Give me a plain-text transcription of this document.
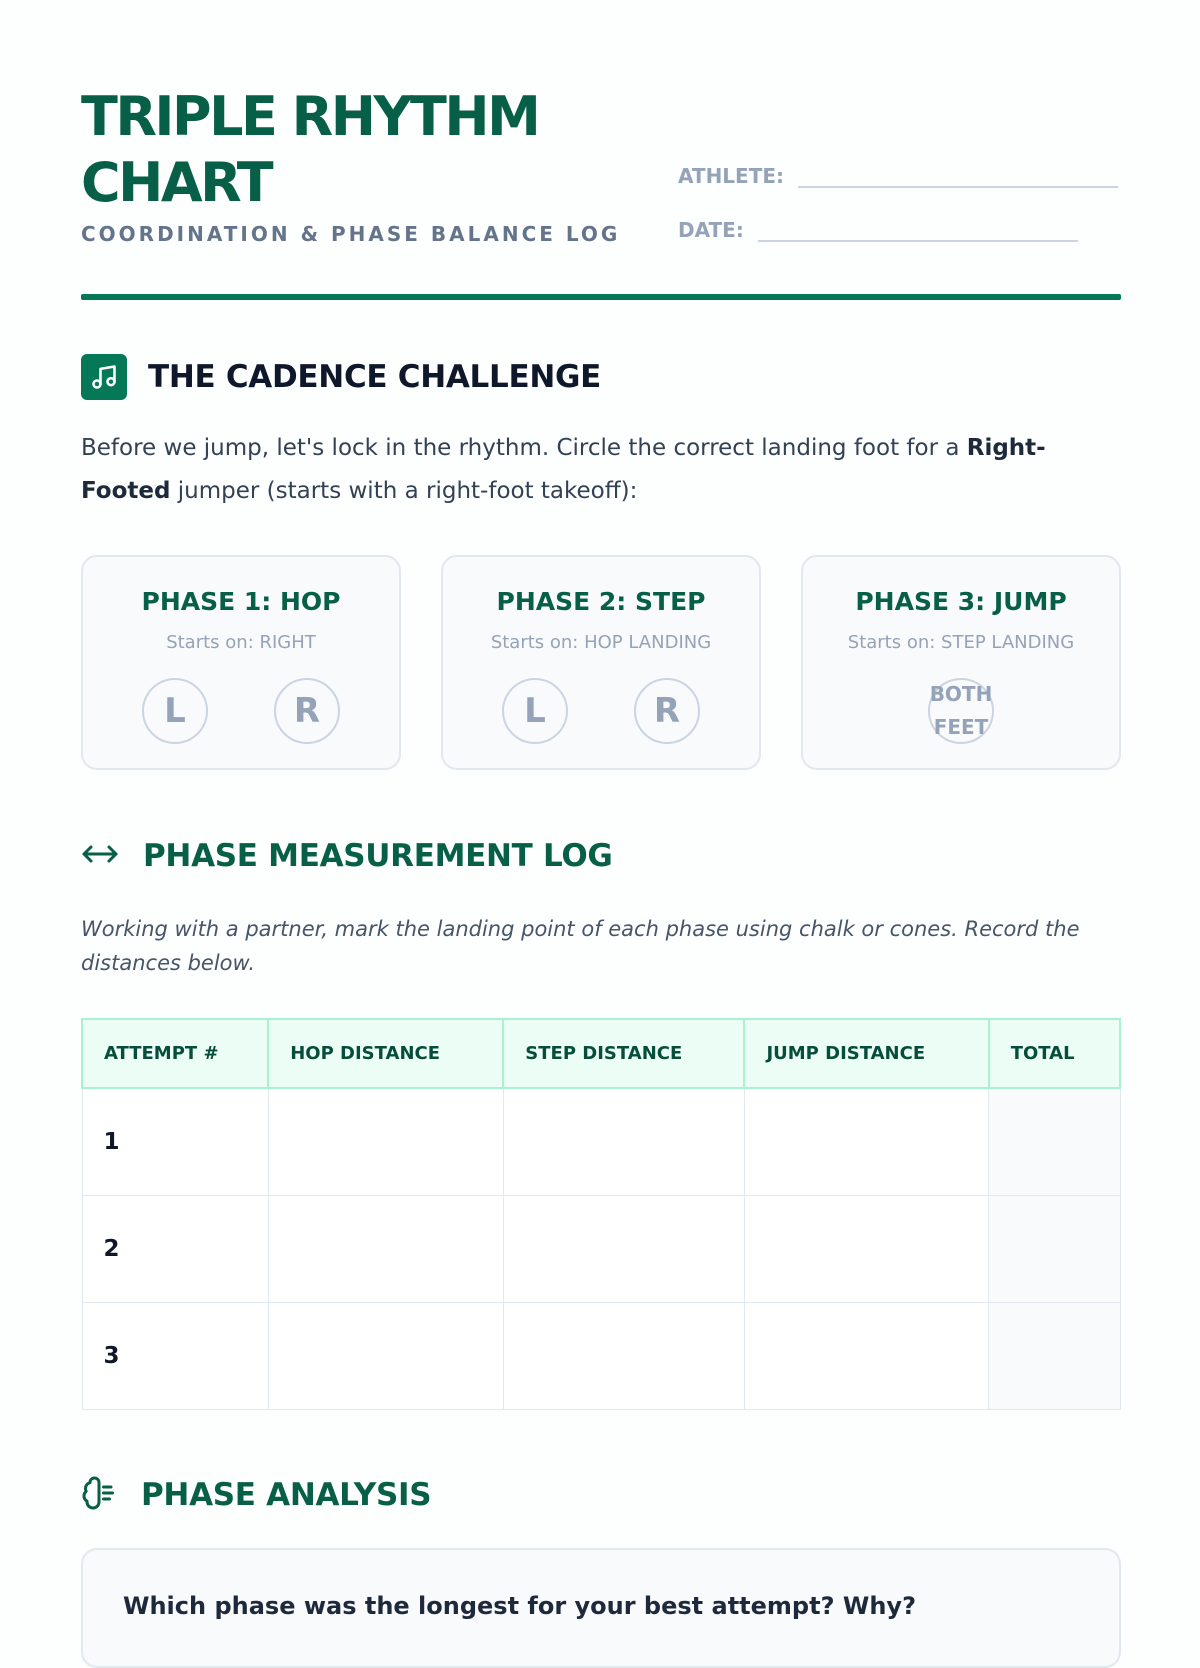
TRIPLE RHYTHM CHART
COORDINATION & PHASE BALANCE LOG
ATHLETE:
DATE:
THE CADENCE CHALLENGE

Before we jump, let's lock in the rhythm. Circle the correct landing foot for a Right-Footed jumper (starts with a right-foot takeoff):

PHASE 1: HOP
Starts on: RIGHT
L	R
PHASE 2: STEP
Starts on: HOP LANDING
L	R
PHASE 3: JUMP
Starts on: STEP LANDING
BOTH FEET
PHASE MEASUREMENT LOG

Working with a partner, mark the landing point of each phase using chalk or cones. Record the distances below.

ATTEMPT #	HOP DISTANCE	STEP DISTANCE	JUMP DISTANCE	TOTAL
1				
2				
3				
PHASE ANALYSIS
Which phase was the longest for your best attempt? Why?
